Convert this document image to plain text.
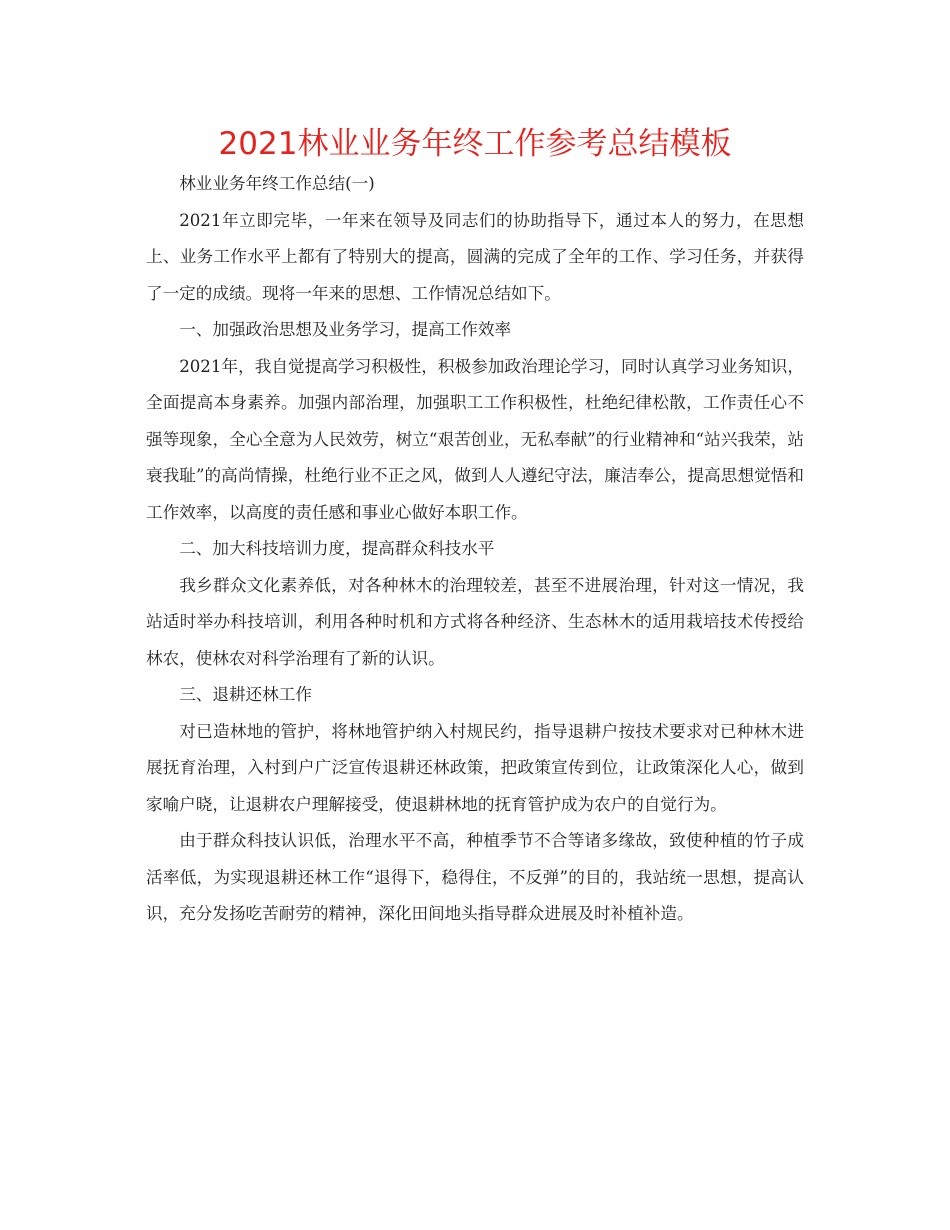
2021林业业务年终工作参考总结模板

林业业务年终工作总结(一)

2021年立即完毕，一年来在领导及同志们的协助指导下，通过本人的努力，在思想上、业务工作水平上都有了特别大的提高，圆满的完成了全年的工作、学习任务，并获得了一定的成绩。现将一年来的思想、工作情况总结如下。

一、加强政治思想及业务学习，提高工作效率

2021年，我自觉提高学习积极性，积极参加政治理论学习，同时认真学习业务知识，全面提高本身素养。加强内部治理，加强职工工作积极性，杜绝纪律松散，工作责任心不强等现象，全心全意为人民效劳，树立“艰苦创业，无私奉献”的行业精神和“站兴我荣，站衰我耻”的高尚情操，杜绝行业不正之风，做到人人遵纪守法，廉洁奉公，提高思想觉悟和工作效率，以高度的责任感和事业心做好本职工作。

二、加大科技培训力度，提高群众科技水平

我乡群众文化素养低，对各种林木的治理较差，甚至不进展治理，针对这一情况，我站适时举办科技培训，利用各种时机和方式将各种经济、生态林木的适用栽培技术传授给林农，使林农对科学治理有了新的认识。

三、退耕还林工作

对已造林地的管护，将林地管护纳入村规民约，指导退耕户按技术要求对已种林木进展抚育治理，入村到户广泛宣传退耕还林政策，把政策宣传到位，让政策深化人心，做到家喻户晓，让退耕农户理解接受，使退耕林地的抚育管护成为农户的自觉行为。

由于群众科技认识低，治理水平不高，种植季节不合等诸多缘故，致使种植的竹子成活率低，为实现退耕还林工作“退得下，稳得住，不反弹”的目的，我站统一思想，提高认识，充分发扬吃苦耐劳的精神，深化田间地头指导群众进展及时补植补造。
